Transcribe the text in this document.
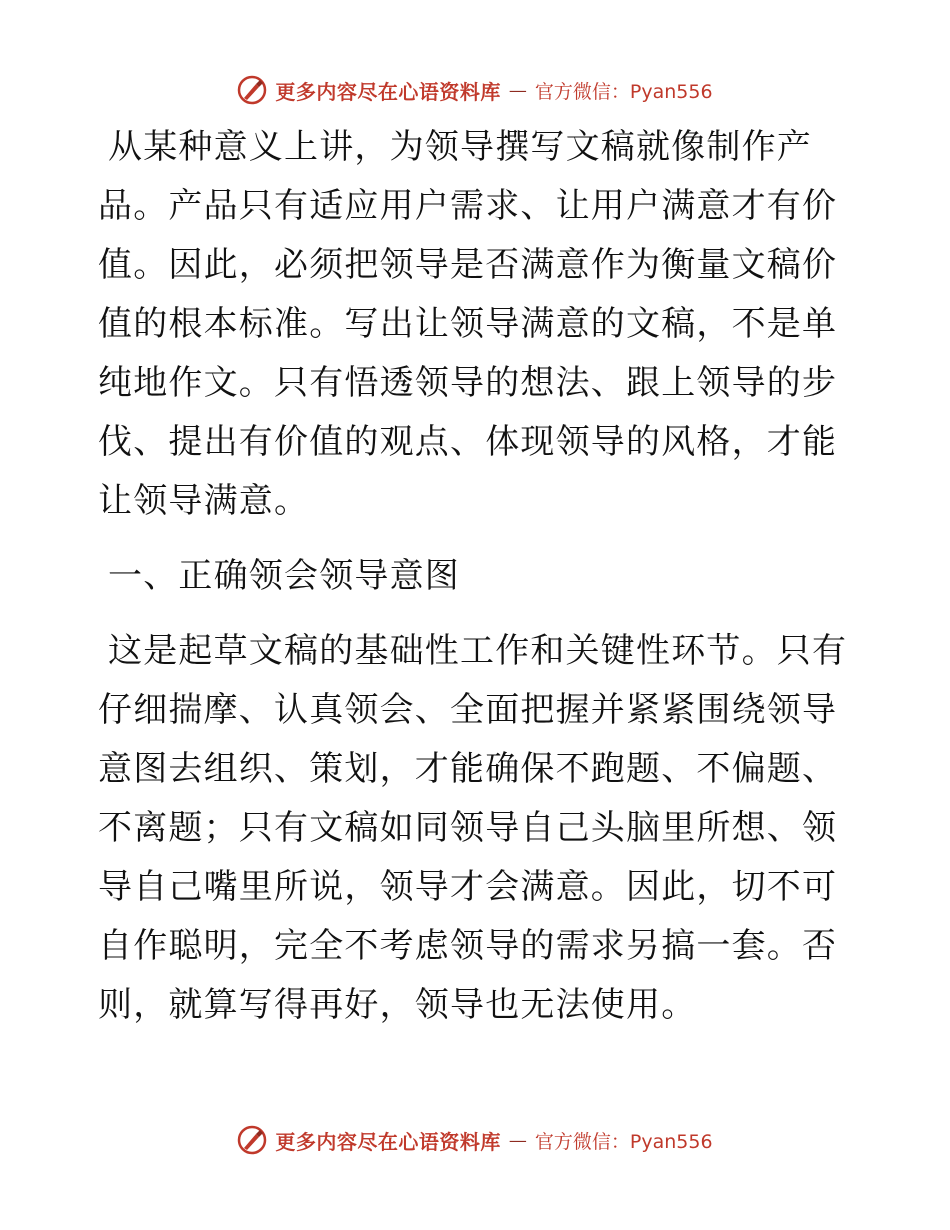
更多内容尽在心语资料库 — 官方微信：Pyan556

从某种意义上讲，为领导撰写文稿就像制作产品。产品只有适应用户需求、让用户满意才有价值。因此，必须把领导是否满意作为衡量文稿价值的根本标准。写出让领导满意的文稿，不是单纯地作文。只有悟透领导的想法、跟上领导的步伐、提出有价值的观点、体现领导的风格，才能让领导满意。

一、正确领会领导意图

这是起草文稿的基础性工作和关键性环节。只有仔细揣摩、认真领会、全面把握并紧紧围绕领导意图去组织、策划，才能确保不跑题、不偏题、不离题；只有文稿如同领导自己头脑里所想、领导自己嘴里所说，领导才会满意。因此，切不可自作聪明，完全不考虑领导的需求另搞一套。否则，就算写得再好，领导也无法使用。

更多内容尽在心语资料库 — 官方微信：Pyan556
